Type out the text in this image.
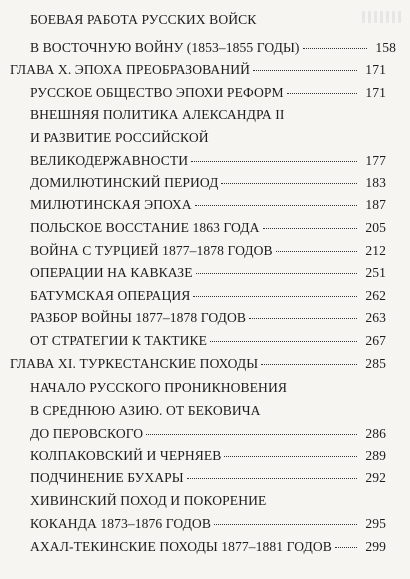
БОЕВАЯ РАБОТА РУССКИХ ВОЙСК
В ВОСТОЧНУЮ ВОЙНУ (1853–1855 ГОДЫ)	158
ГЛАВА X. ЭПОХА ПРЕОБРАЗОВАНИЙ	171
РУССКОЕ ОБЩЕСТВО ЭПОХИ РЕФОРМ	171
ВНЕШНЯЯ ПОЛИТИКА АЛЕКСАНДРА II
И РАЗВИТИЕ РОССИЙСКОЙ
ВЕЛИКОДЕРЖАВНОСТИ	177
ДОМИЛЮТИНСКИЙ ПЕРИОД	183
МИЛЮТИНСКАЯ ЭПОХА	187
ПОЛЬСКОЕ ВОССТАНИЕ 1863 ГОДА	205
ВОЙНА С ТУРЦИЕЙ 1877–1878 ГОДОВ	212
ОПЕРАЦИИ НА КАВКАЗЕ	251
БАТУМСКАЯ ОПЕРАЦИЯ	262
РАЗБОР ВОЙНЫ 1877–1878 ГОДОВ	263
ОТ СТРАТЕГИИ К ТАКТИКЕ	267
ГЛАВА XI. ТУРКЕСТАНСКИЕ ПОХОДЫ	285
НАЧАЛО РУССКОГО ПРОНИКНОВЕНИЯ
В СРЕДНЮЮ АЗИЮ. ОТ БЕКОВИЧА
ДО ПЕРОВСКОГО	286
КОЛПАКОВСКИЙ И ЧЕРНЯЕВ	289
ПОДЧИНЕНИЕ БУХАРЫ	292
ХИВИНСКИЙ ПОХОД И ПОКОРЕНИЕ
КОКАНДА 1873–1876 ГОДОВ	295
АХАЛ-ТЕКИНСКИЕ ПОХОДЫ 1877–1881 ГОДОВ	299
